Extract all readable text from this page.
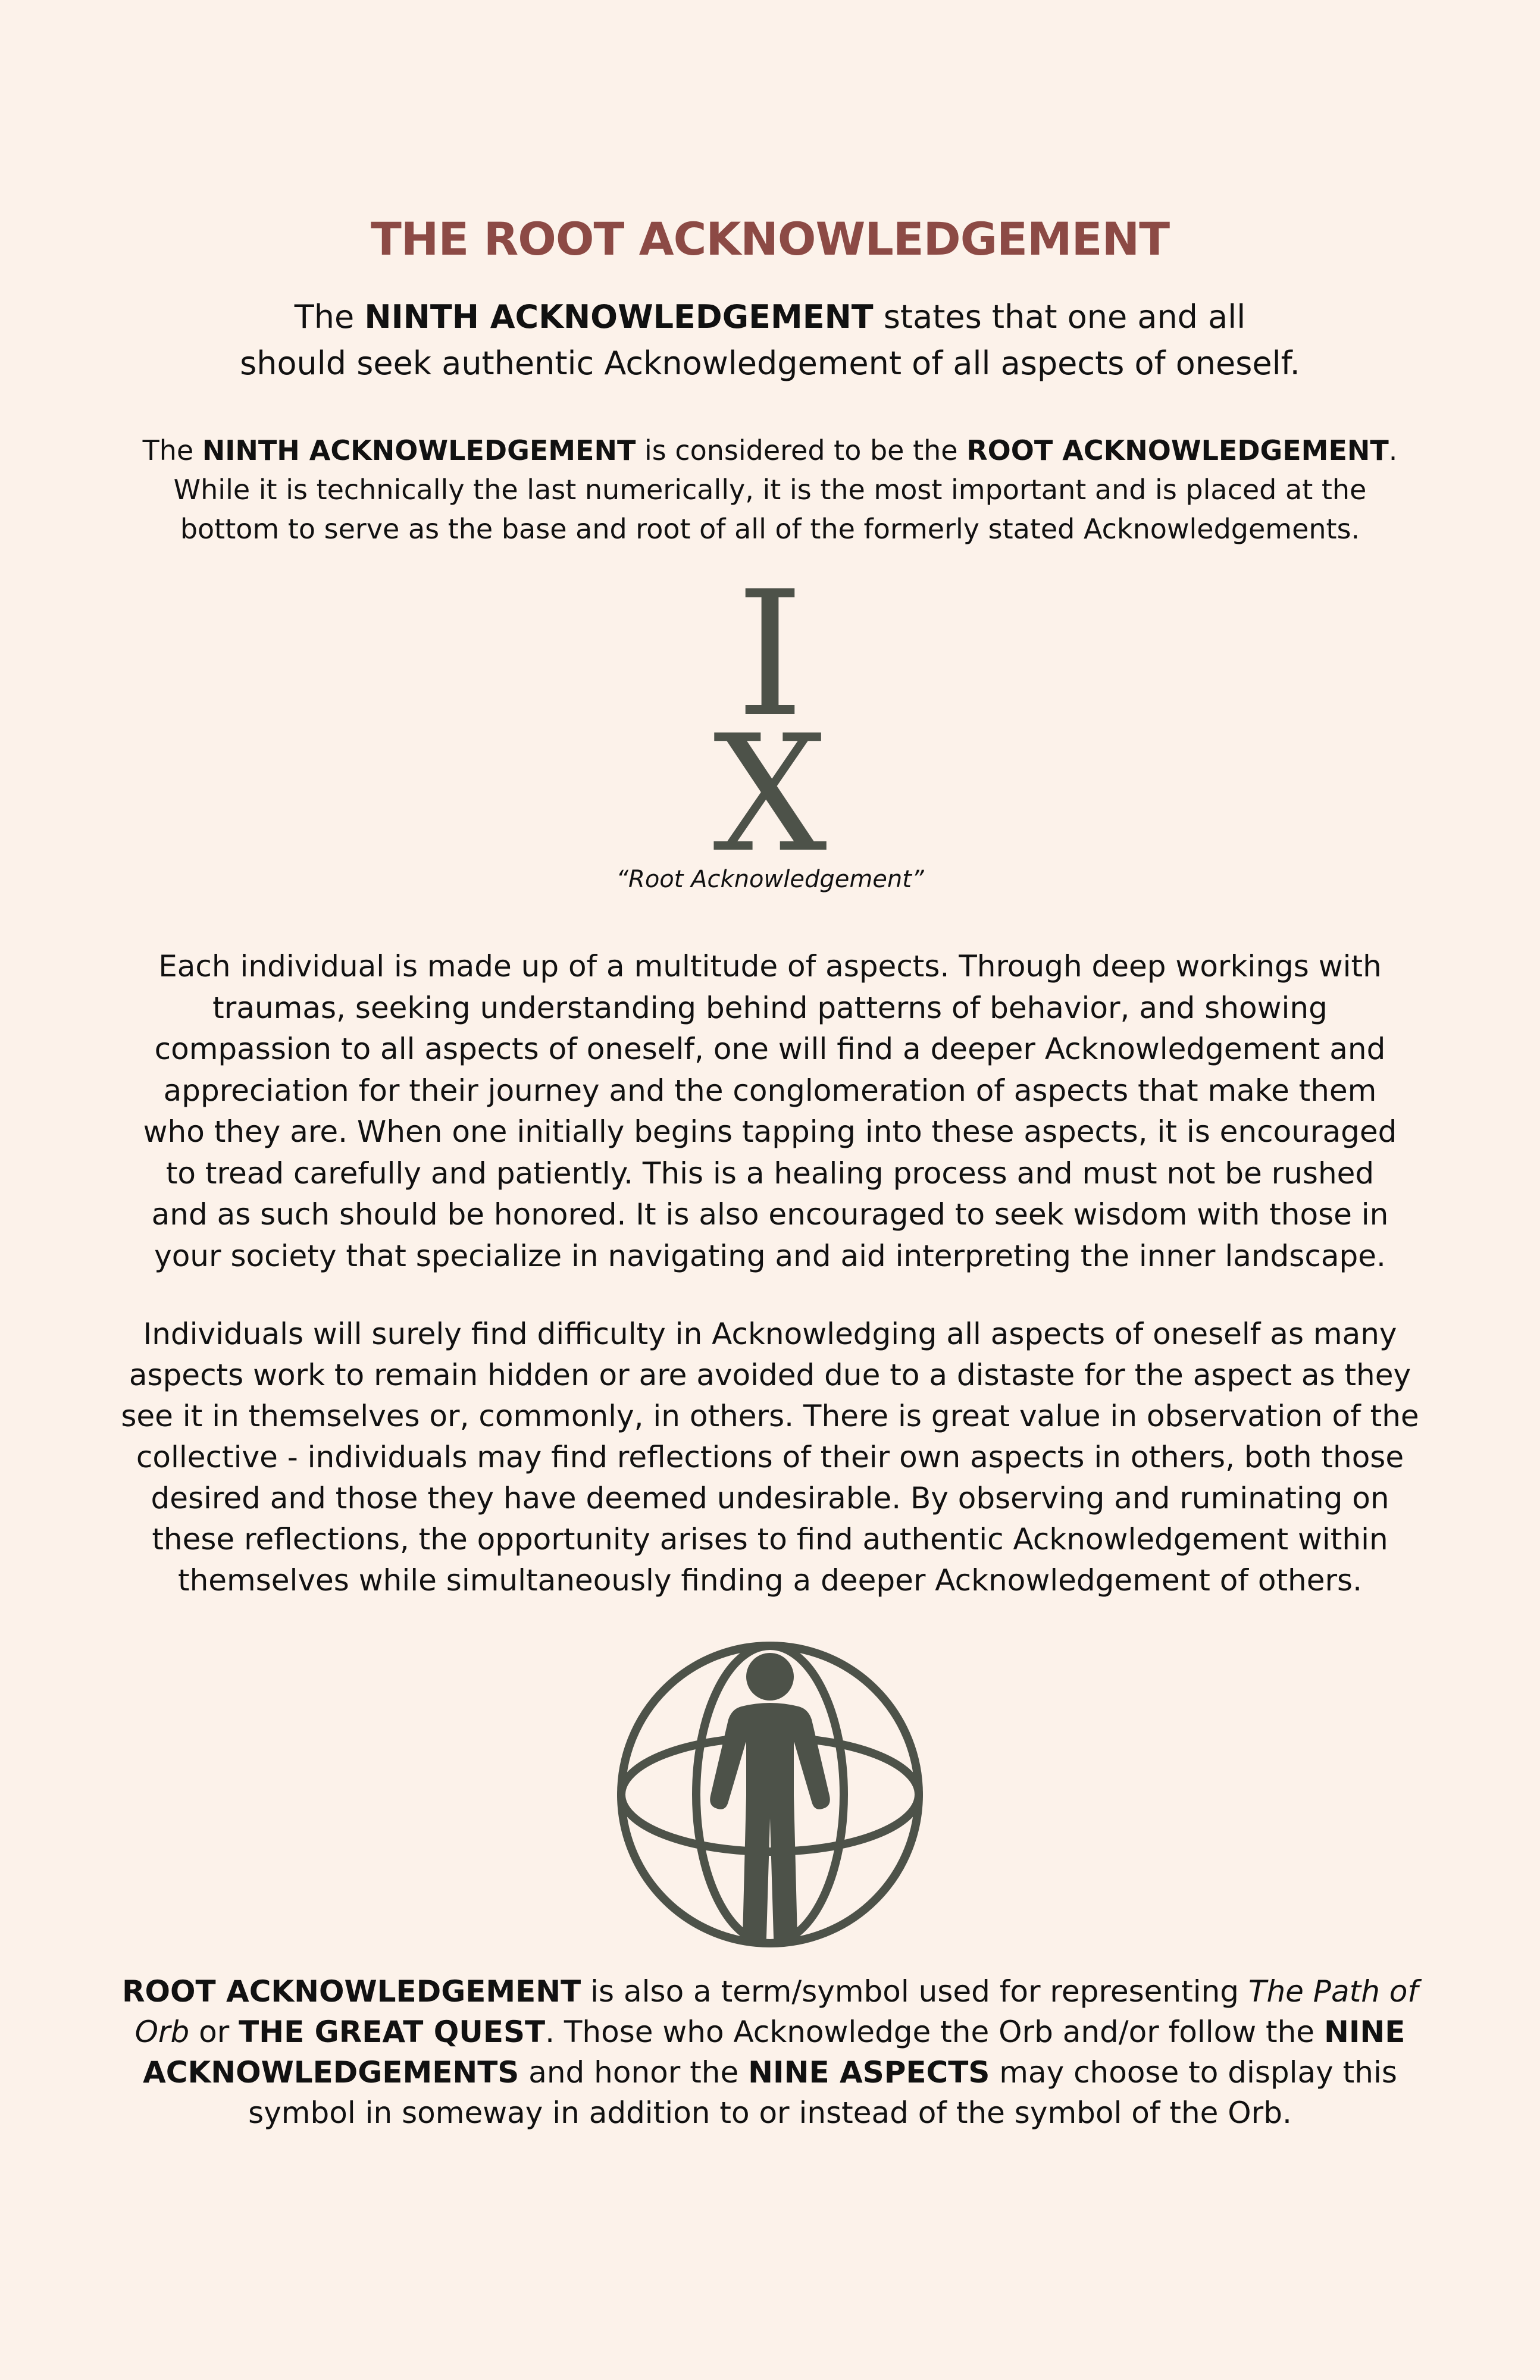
THE ROOT ACKNOWLEDGEMENT

The NINTH ACKNOWLEDGEMENT states that one and all
should seek authentic Acknowledgement of all aspects of oneself.

The NINTH ACKNOWLEDGEMENT is considered to be the ROOT ACKNOWLEDGEMENT.
While it is technically the last numerically, it is the most important and is placed at the
bottom to serve as the base and root of all of the formerly stated Acknowledgements.

I
X

“Root Acknowledgement”

Each individual is made up of a multitude of aspects. Through deep workings with
traumas, seeking understanding behind patterns of behavior, and showing
compassion to all aspects of oneself, one will find a deeper Acknowledgement and
appreciation for their journey and the conglomeration of aspects that make them
who they are. When one initially begins tapping into these aspects, it is encouraged
to tread carefully and patiently. This is a healing process and must not be rushed
and as such should be honored. It is also encouraged to seek wisdom with those in
your society that specialize in navigating and aid interpreting the inner landscape.

Individuals will surely find difficulty in Acknowledging all aspects of oneself as many
aspects work to remain hidden or are avoided due to a distaste for the aspect as they
see it in themselves or, commonly, in others. There is great value in observation of the
collective - individuals may find reflections of their own aspects in others, both those
desired and those they have deemed undesirable. By observing and ruminating on
these reflections, the opportunity arises to find authentic Acknowledgement within
themselves while simultaneously finding a deeper Acknowledgement of others.

ROOT ACKNOWLEDGEMENT is also a term/symbol used for representing The Path of
Orb or THE GREAT QUEST. Those who Acknowledge the Orb and/or follow the NINE
ACKNOWLEDGEMENTS and honor the NINE ASPECTS may choose to display this
symbol in someway in addition to or instead of the symbol of the Orb.
